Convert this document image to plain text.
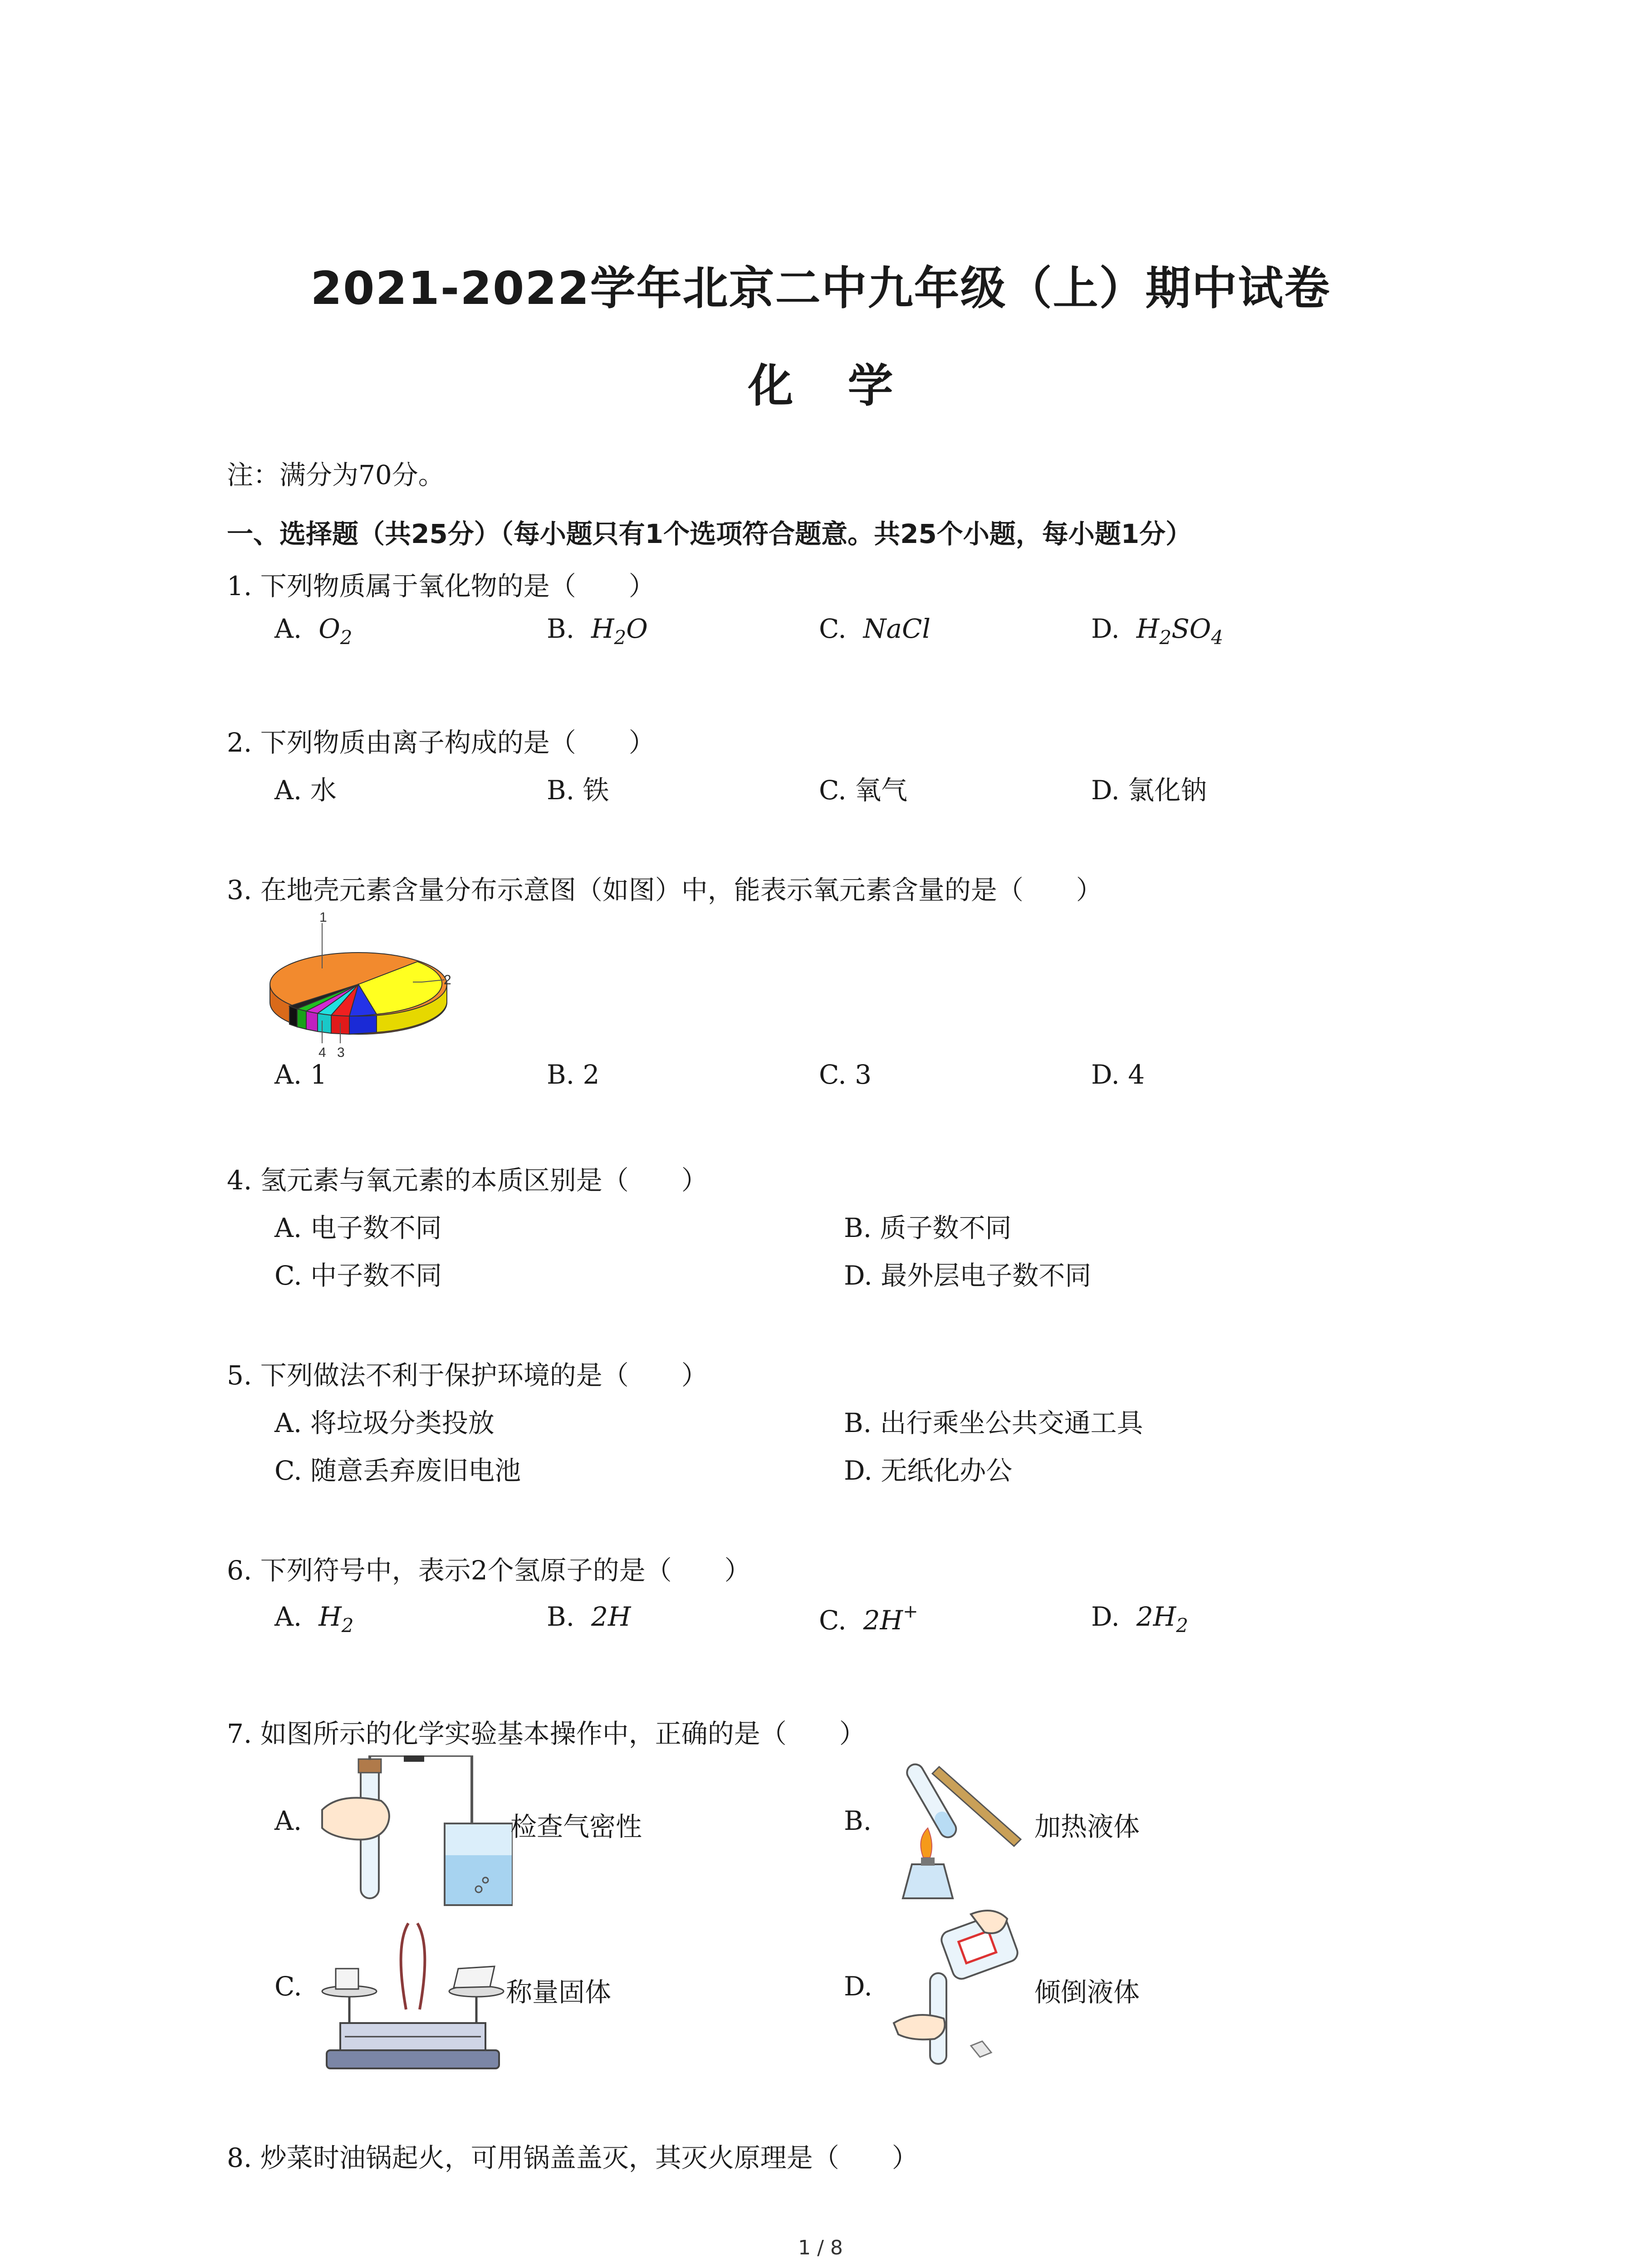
2021-2022学年北京二中九年级（上）期中试卷
化学
注：满分为70分。
一、选择题（共25分）（每小题只有1个选项符合题意。共25个小题，每小题1分）
1. 下列物质属于氧化物的是（　　）
A. $O_2$	B. $H_2O$	C. NaCl	D. $H_2SO_4$
2. 下列物质由离子构成的是（　　）
A. 水	B. 铁	C. 氧气	D. 氯化钠
3. 在地壳元素含量分布示意图（如图）中，能表示氧元素含量的是（　　）
1
2
3
4
A. 1	B. 2	C. 3	D. 4
4. 氢元素与氧元素的本质区别是（　　）
A. 电子数不同	B. 质子数不同
C. 中子数不同	D. 最外层电子数不同
5. 下列做法不利于保护环境的是（　　）
A. 将垃圾分类投放	B. 出行乘坐公共交通工具
C. 随意丢弃废旧电池	D. 无纸化办公
6. 下列符号中，表示2个氢原子的是（　　）
A. $H_2$	B. 2H	C. 2H+	D. $2H_2$
7. 如图所示的化学实验基本操作中，正确的是（　　）
A.	检查气密性	B.	加热液体
C.	称量固体	D.	倾倒液体
8. 炒菜时油锅起火，可用锅盖盖灭，其灭火原理是（　　）
1 / 8
